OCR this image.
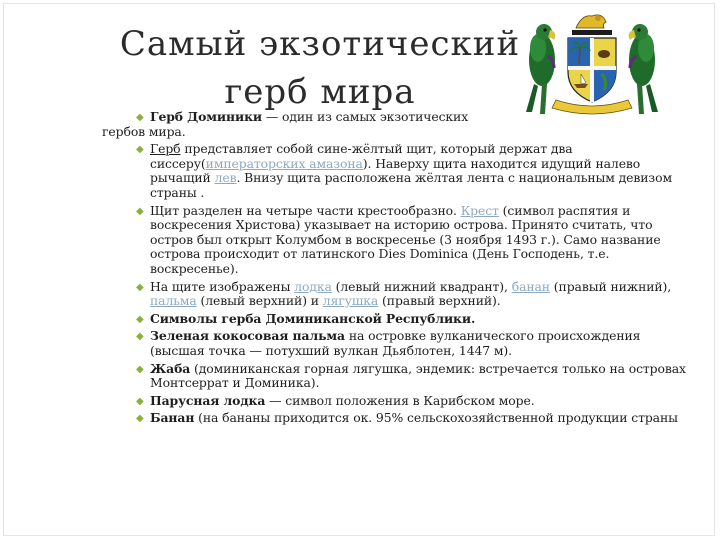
Самый экзотический
герб мира
◆ Герб Доминики — один из самых экзотических

гербов мира.
◆ Герб представляет собой сине-жёлтый щит, который держат два сиссеру(императорских амазона). Наверху щита находится идущий налево рычащий лев. Внизу щита расположена жёлтая лента с национальным девизом страны .
◆ Щит разделен на четыре части крестообразно. Крест (символ распятия и воскресения Христова) указывает на историю острова. Принято считать, что остров был открыт Колумбом в воскресенье (3 ноября 1493 г.). Само название острова происходит от латинского Dies Dominica (День Господень, т.е. воскресенье).
◆ На щите изображены лодка (левый нижний квадрант), банан (правый нижний), пальма (левый верхний) и лягушка (правый верхний).
◆ Символы герба Доминиканской Республики.
◆ Зеленая кокосовая пальма на островке вулканического происхождения (высшая точка — потухший вулкан Дьяблотен, 1447 м).
◆ Жаба (доминиканская горная лягушка, эндемик: встречается только на островах Монтсеррат и Доминика).
◆ Парусная лодка — символ положения в Карибском море.
◆ Банан (на бананы приходится ок. 95% сельскохозяйственной продукции страны
